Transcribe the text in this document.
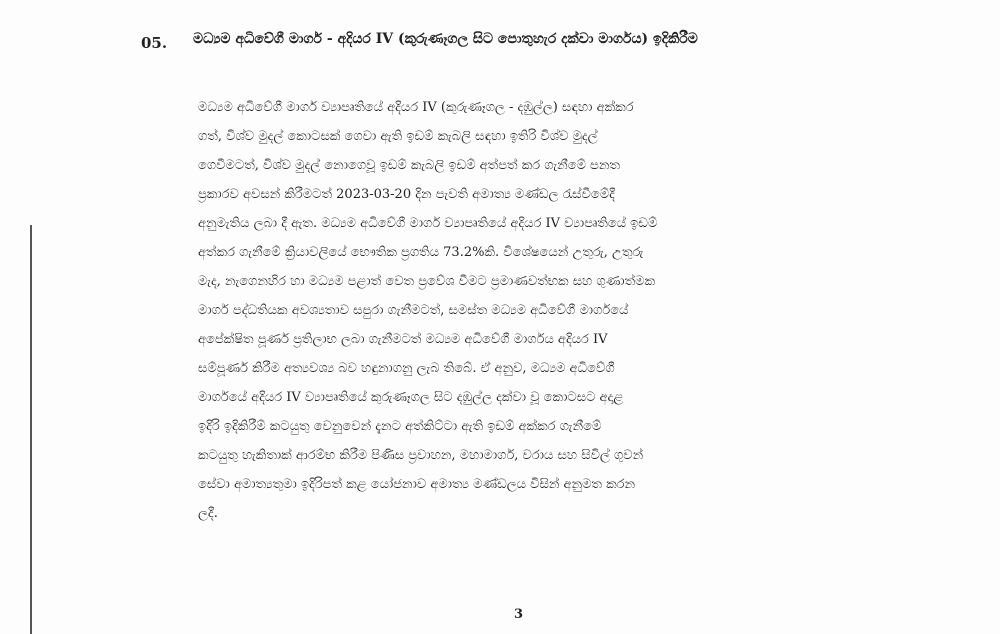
05. මධ්‍යම අධිවේගී මාර්ග - අදියර IV (කුරුණෑගල සිට පොතුහැර දක්වා මාර්ගය) ඉදිකිරීම
මධ්‍යම අධිවේගී මාර්ග ව්‍යාපෘතියේ අදියර IV (කුරුණෑගල - දඹුල්ල) සඳහා අක්කර
ගත්, විශ්ව මුදල් කොටසක් ගෙවා ඇති ඉඩම් කැබලි සඳහා ඉතිරි විශ්ව මුදල්
ගෙවීමටත්, විශ්ව මුදල් නොගෙවූ ඉඩම් කැබලි ඉඩම් අත්පත් කර ගැනීමේ පනත
ප්‍රකාරව අවසන් කිරීමටත් 2023-03-20 දින පැවති අමාත්‍ය මණ්ඩල රැස්වීමේදී
අනුමැතිය ලබා දී ඇත. මධ්‍යම අධිවේගී මාර්ග ව්‍යාපෘතියේ අදියර IV ව්‍යාපෘතියේ ඉඩම්
අත්කර ගැනීමේ ක්‍රියාවලියේ භෞතික ප්‍රගතිය 73.2%කි. විශේෂයෙන් උතුරු, උතුරු
මැද, නැගෙනහිර හා මධ්‍යම පළාත් වෙත ප්‍රවේශ වීමට ප්‍රමාණවත්භක සහ ගුණාත්මක
මාර්ග පද්ධතියක අවශ්‍යතාව සපුරා ගැනීමටත්, සමස්ත මධ්‍යම අධිවේගී මාර්ගයේ
අපේක්ෂිත පූර්ණ ප්‍රතිලාභ ලබා ගැනීමටත් මධ්‍යම අධිවේගී මාර්ගය අදියර IV
සම්පූර්ණ කිරීම අත්‍යවශ්‍ය බව හඳුනාගනු ලැබ තිබේ. ඒ අනුව, මධ්‍යම අධිවේගී
මාර්ගයේ අදියර IV ව්‍යාපෘතියේ කුරුණෑගල සිට දඹුල්ල දක්වා වූ කොටසට අදාළ
ඉදිරි ඉදිකිරීම් කටයුතු වෙනුවෙන් දැනට අත්කිට්ටා ඇති ඉඩම් අක්කර ගැනීමේ
කටයුතු හැකිතාක් ආරම්භ කිරීම පිණිස ප්‍රවාහන, මහාමාර්ග, වරාය සහ සිවිල් ගුවන්
සේවා අමාත්‍යතුමා ඉදිරිපත් කළ යෝජනාව අමාත්‍ය මණ්ඩලය විසින් අනුමත කරන
ලදී.
3
